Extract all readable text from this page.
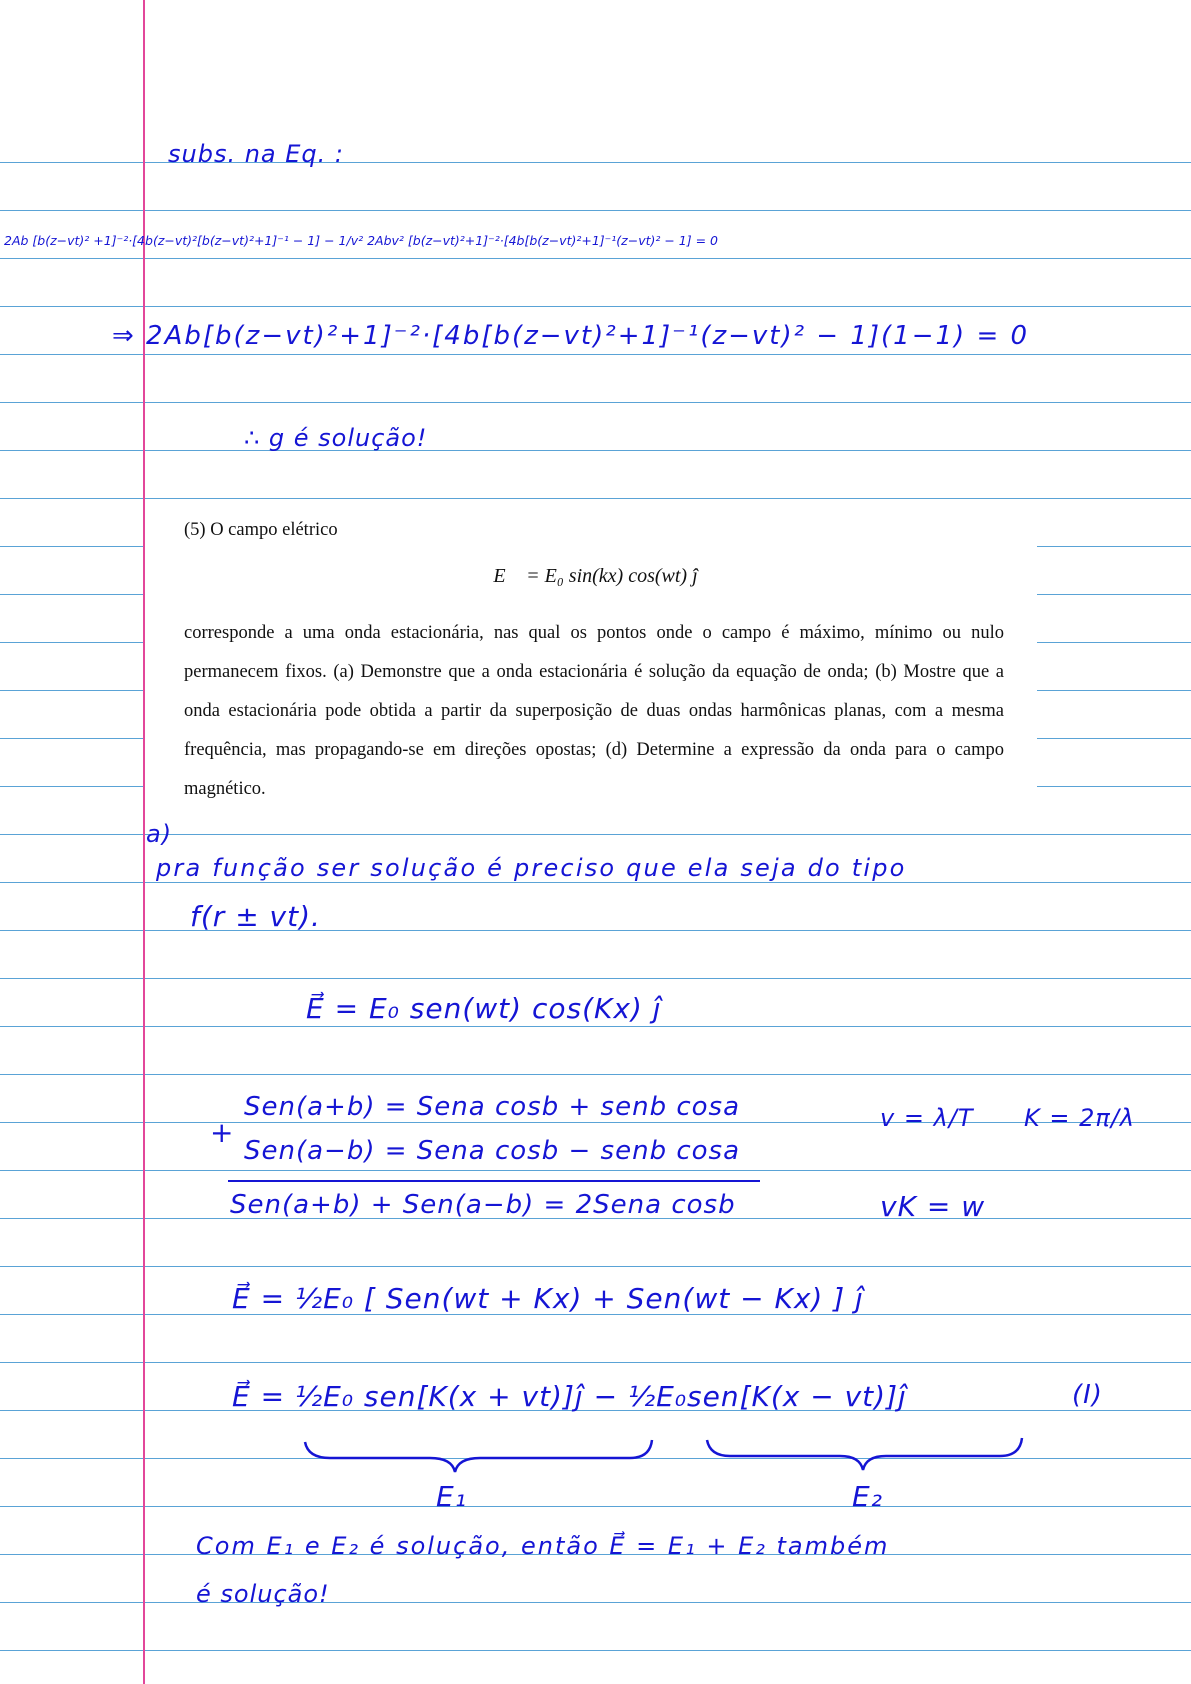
subs. na Eq. :
2Ab [b(z−vt)² +1]⁻²·[4b(z−vt)²[b(z−vt)²+1]⁻¹ − 1] − 1/v² 2Abv² [b(z−vt)²+1]⁻²·[4b[b(z−vt)²+1]⁻¹(z−vt)² − 1] = 0
⇒ 2Ab[b(z−vt)²+1]⁻²·[4b[b(z−vt)²+1]⁻¹(z−vt)² − 1](1−1) = 0
∴ g é solução!
(5) O campo elétrico
E⃗ = E₀ sin(kx) cos(wt) ĵ
corresponde a uma onda estacionária, nas qual os pontos onde o campo é máximo, mínimo ou nulo permanecem fixos. (a) Demonstre que a onda estacionária é solução da equação de onda; (b) Mostre que a onda estacionária pode obtida a partir da superposição de duas ondas harmônicas planas, com a mesma frequência, mas propagando-se em direções opostas; (d) Determine a expressão da onda para o campo magnético.
a)
pra função ser solução é preciso que ela seja do tipo
f(r ± vt).
E⃗ = E₀ sen(wt) cos(Kx) ĵ
+
Sen(a+b) = Sena cosb + senb cosa
Sen(a−b) = Sena cosb − senb cosa
Sen(a+b) + Sen(a−b) = 2Sena cosb
v = λ/T K = 2π/λ
vK = w
E⃗ = ½E₀ [ Sen(wt + Kx) + Sen(wt − Kx) ] ĵ
E⃗ = ½E₀ sen[K(x + vt)]ĵ − ½E₀sen[K(x − vt)]ĵ	(I)
E₁	E₂
Com E₁ e E₂ é solução, então E⃗ = E₁ + E₂ também
é solução!
